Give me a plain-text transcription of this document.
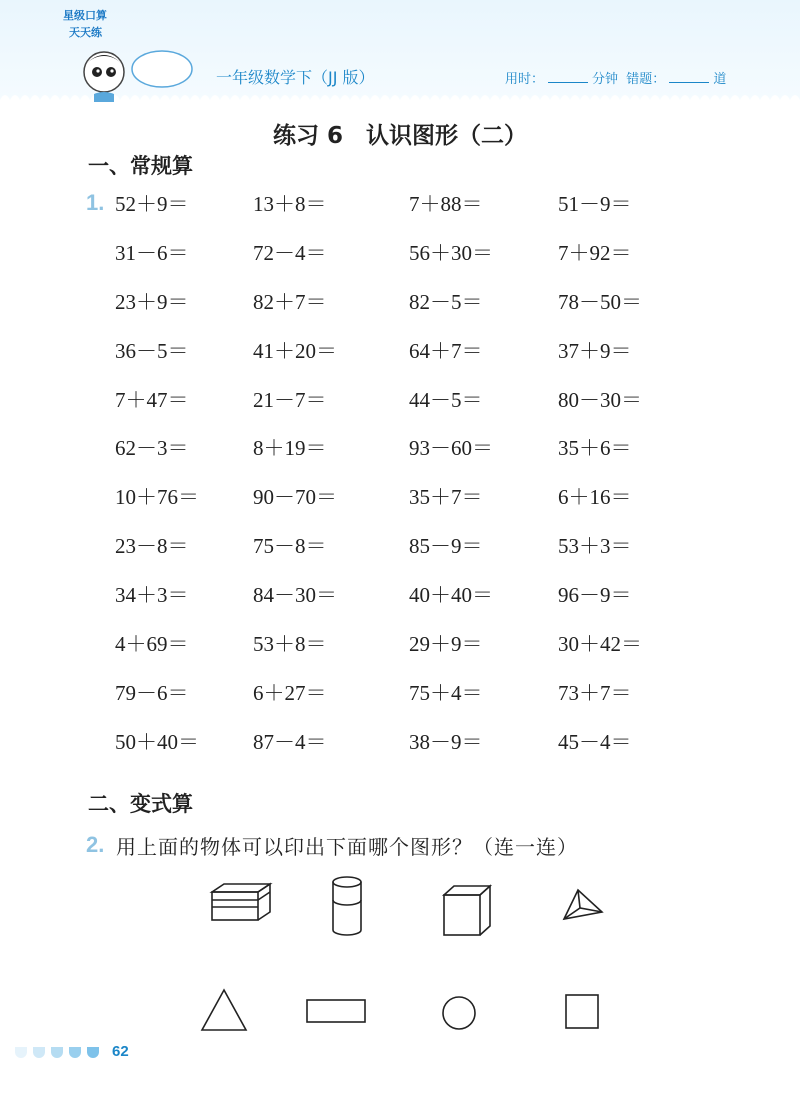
星级口算
天天练
一年级数学下（JJ 版）	用时：	分钟 错题：	道
练习 6　认识图形（二）
一、常规算
1. 52＋9＝	13＋8＝	7＋88＝	51－9＝
31－6＝	72－4＝	56＋30＝	7＋92＝
23＋9＝	82＋7＝	82－5＝	78－50＝
36－5＝	41＋20＝	64＋7＝	37＋9＝
7＋47＝	21－7＝	44－5＝	80－30＝
62－3＝	8＋19＝	93－60＝	35＋6＝
10＋76＝	90－70＝	35＋7＝	6＋16＝
23－8＝	75－8＝	85－9＝	53＋3＝
34＋3＝	84－30＝	40＋40＝	96－9＝
4＋69＝	53＋8＝	29＋9＝	30＋42＝
79－6＝	6＋27＝	75＋4＝	73＋7＝
50＋40＝	87－4＝	38－9＝	45－4＝
二、变式算
2. 用上面的物体可以印出下面哪个图形？（连一连）
62
